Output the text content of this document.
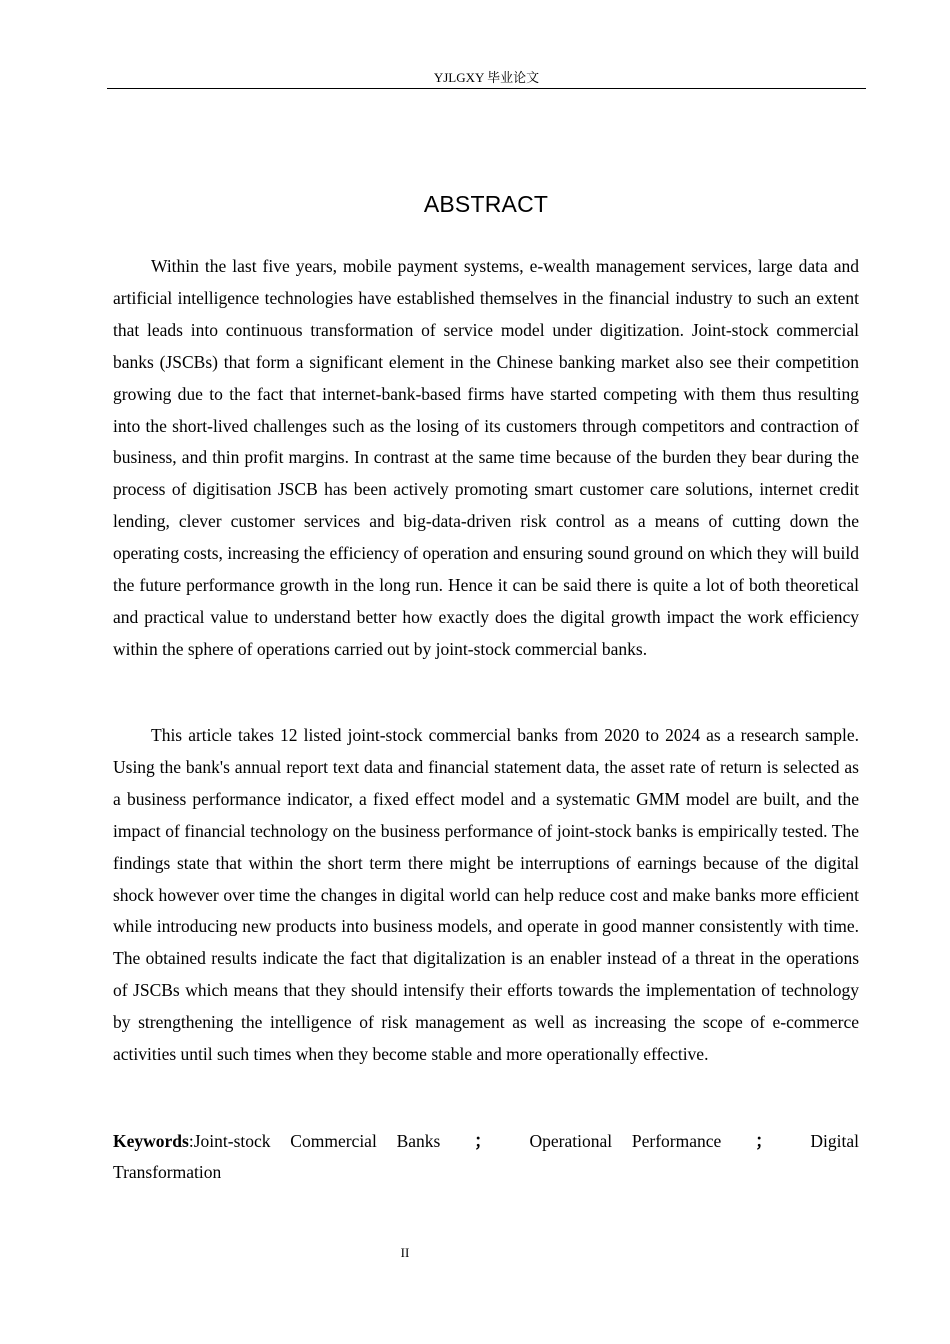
YJLGXY 毕业论文
ABSTRACT

Within the last five years, mobile payment systems, e-wealth management services, large data and artificial intelligence technologies have established themselves in the financial industry to such an extent that leads into continuous transformation of service model under digitization. Joint-stock commercial banks (JSCBs) that form a significant element in the Chinese banking market also see their competition growing due to the fact that internet-bank-based firms have started competing with them thus resulting into the short-lived challenges such as the losing of its customers through competitors and contraction of business, and thin profit margins. In contrast at the same time because of the burden they bear during the process of digitisation JSCB has been actively promoting smart customer care solutions, internet credit lending, clever customer services and big-data-driven risk control as a means of cutting down the operating costs, increasing the efficiency of operation and ensuring sound ground on which they will build the future performance growth in the long run. Hence it can be said there is quite a lot of both theoretical and practical value to understand better how exactly does the digital growth impact the work efficiency within the sphere of operations carried out by joint-stock commercial banks.

This article takes 12 listed joint-stock commercial banks from 2020 to 2024 as a research sample. Using the bank's annual report text data and financial statement data, the asset rate of return is selected as a business performance indicator, a fixed effect model and a systematic GMM model are built, and the impact of financial technology on the business performance of joint-stock banks is empirically tested. The findings state that within the short term there might be interruptions of earnings because of the digital shock however over time the changes in digital world can help reduce cost and make banks more efficient while introducing new products into business models, and operate in good manner consistently with time. The obtained results indicate the fact that digitalization is an enabler instead of a threat in the operations of JSCBs which means that they should intensify their efforts towards the implementation of technology by strengthening the intelligence of risk management as well as increasing the scope of e-commerce activities until such times when they become stable and more operationally effective.

Keywords:Joint-stock Commercial Banks ； Operational Performance ； Digital Transformation

II
